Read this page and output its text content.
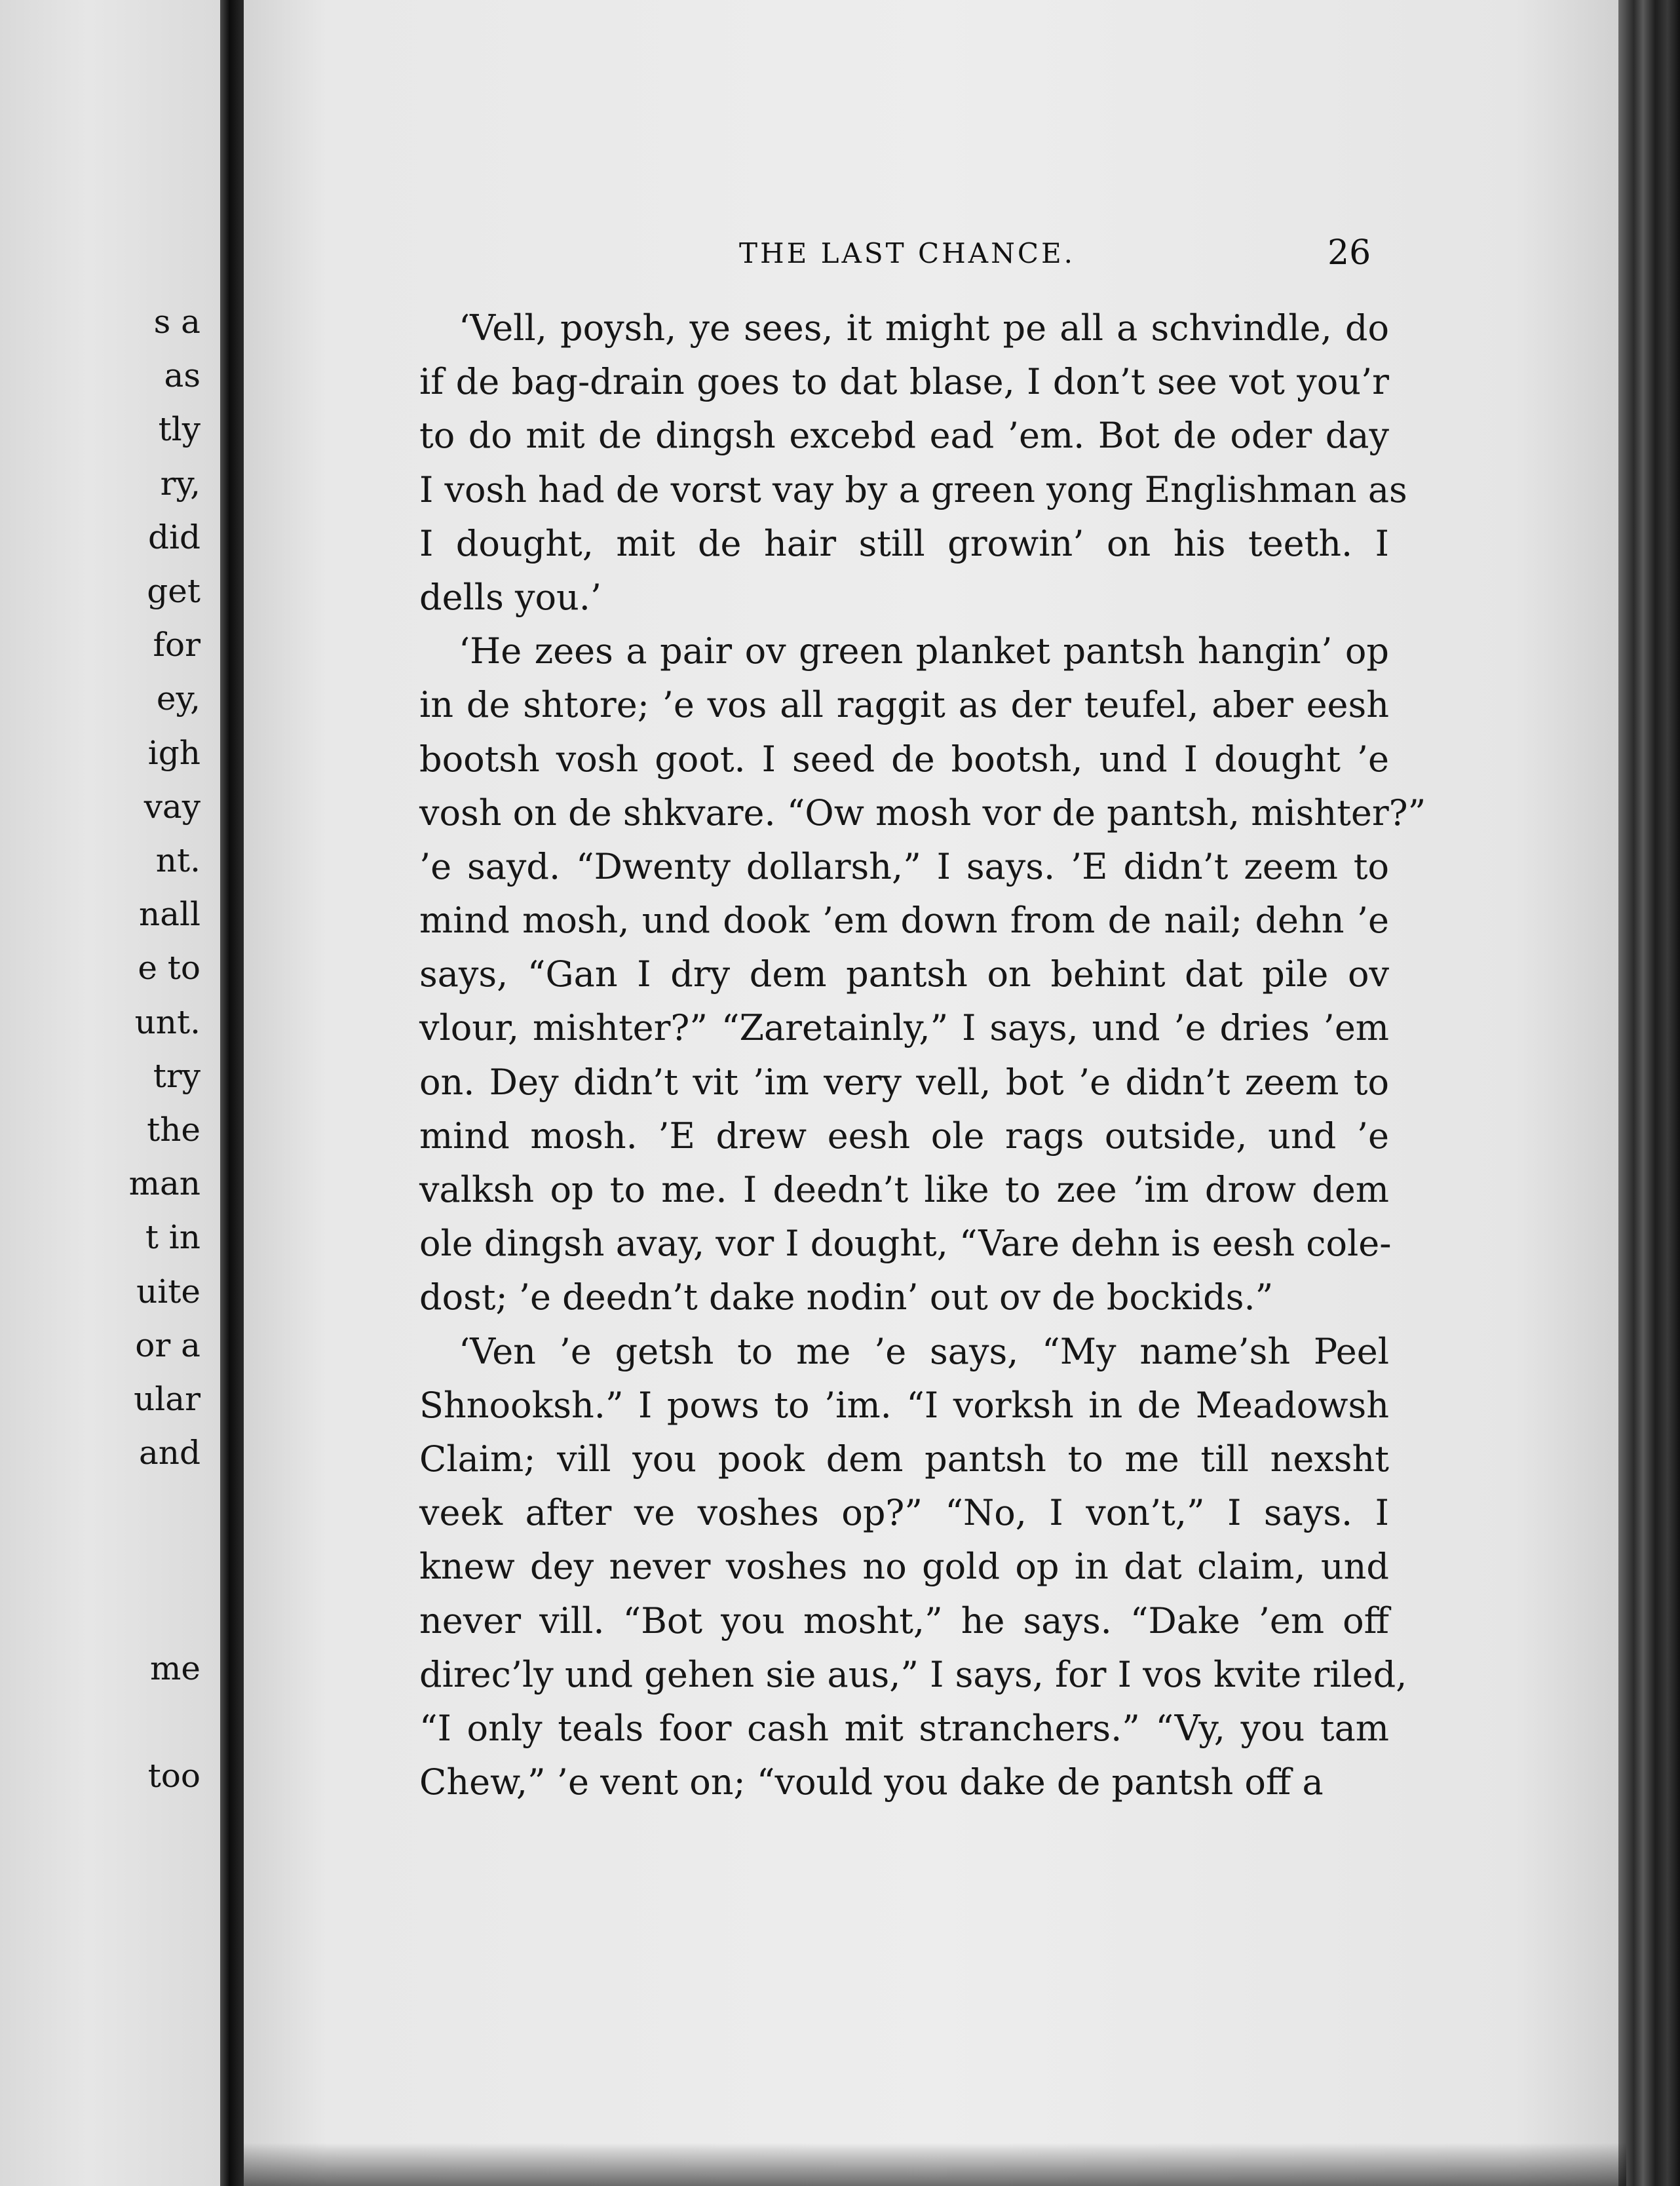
s a
as
tly
ry,
did
get
for
ey,
igh
vay
nt.
nall
e to
unt.
try
the
man
t in
uite
or a
ular
and
me
too
THE LAST CHANCE.	26
‘Vell, poysh, ye sees, it might pe all a schvindle, do
if de bag-drain goes to dat blase, I don’t see vot you’r
to do mit de dingsh excebd ead ’em. Bot de oder day
I vosh had de vorst vay by a green yong Englishman as
I dought, mit de hair still growin’ on his teeth. I
dells you.’
‘He zees a pair ov green planket pantsh hangin’ op
in de shtore; ’e vos all raggit as der teufel, aber eesh
bootsh vosh goot. I seed de bootsh, und I dought ’e
vosh on de shkvare. “Ow mosh vor de pantsh, mishter?”
’e sayd. “Dwenty dollarsh,” I says. ’E didn’t zeem to
mind mosh, und dook ’em down from de nail; dehn ’e
says, “Gan I dry dem pantsh on behint dat pile ov
vlour, mishter?” “Zaretainly,” I says, und ’e dries ’em
on. Dey didn’t vit ’im very vell, bot ’e didn’t zeem to
mind mosh. ’E drew eesh ole rags outside, und ’e
valksh op to me. I deedn’t like to zee ’im drow dem
ole dingsh avay, vor I dought, “Vare dehn is eesh cole-
dost; ’e deedn’t dake nodin’ out ov de bockids.”
‘Ven ’e getsh to me ’e says, “My name’sh Peel
Shnooksh.” I pows to ’im. “I vorksh in de Meadowsh
Claim; vill you pook dem pantsh to me till nexsht
veek after ve voshes op?” “No, I von’t,” I says. I
knew dey never voshes no gold op in dat claim, und
never vill. “Bot you mosht,” he says. “Dake ’em off
direc’ly und gehen sie aus,” I says, for I vos kvite riled,
“I only teals foor cash mit stranchers.” “Vy, you tam
Chew,” ’e vent on; “vould you dake de pantsh off a
